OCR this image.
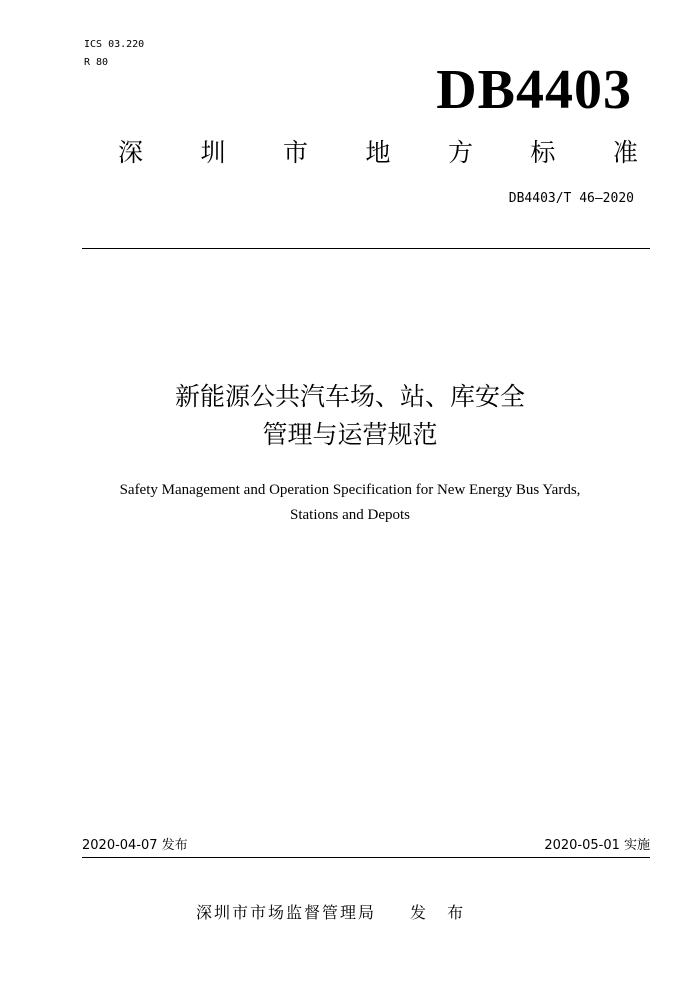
ICS 03.220
R 80	DB4403
深 圳 市 地 方 标 准
DB4403/T 46—2020
新能源公共汽车场、站、库安全
管理与运营规范
Safety Management and Operation Specification for New Energy Bus Yards,
Stations and Depots
2020-04-07 发布	2020-05-01 实施
深圳市市场监督管理局 发 布
